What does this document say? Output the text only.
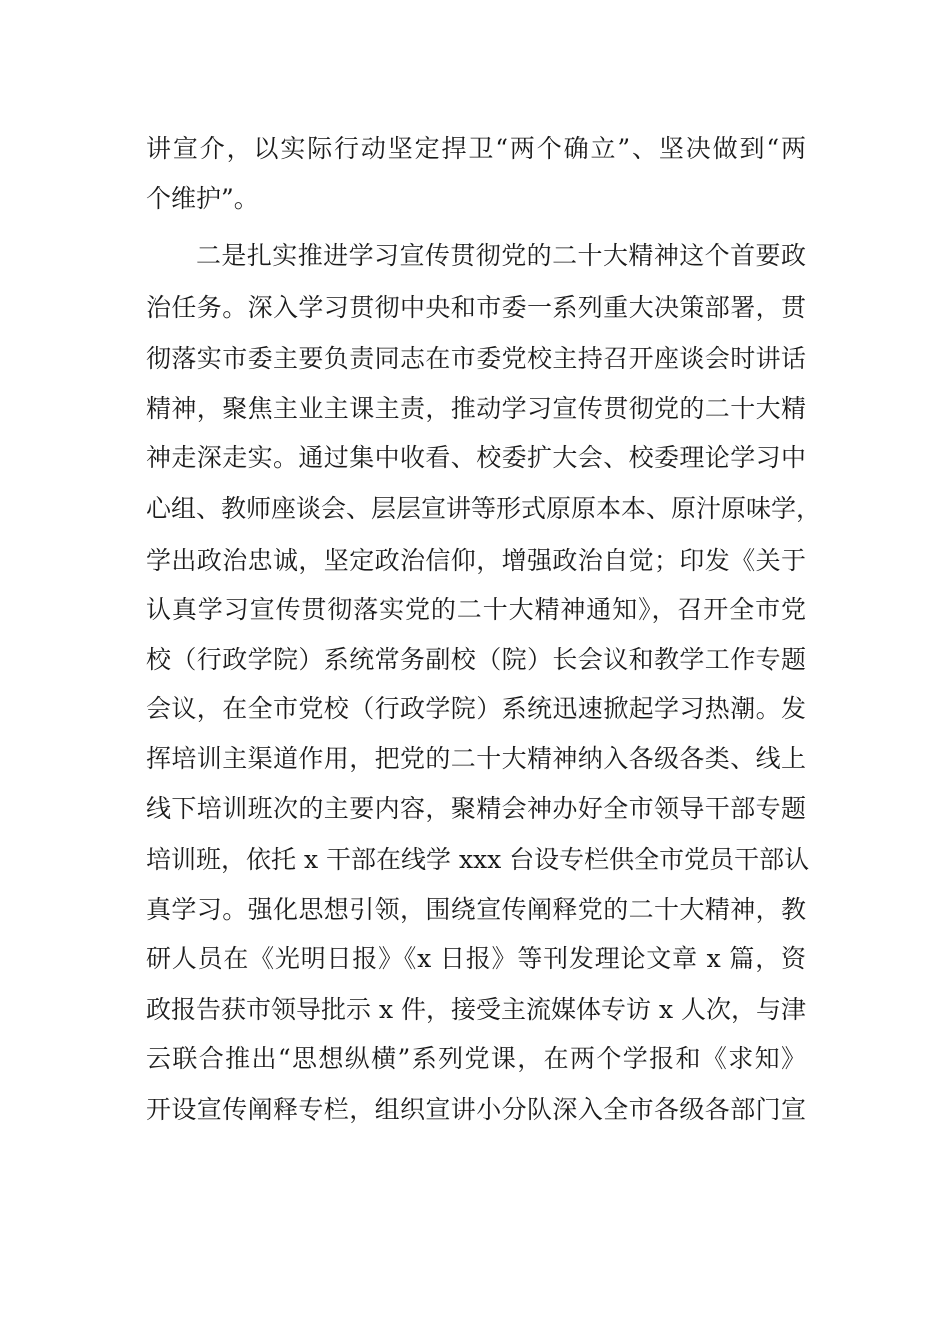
讲宣介，以实际行动坚定捍卫“两个确立”、坚决做到“两
个维护”。
二是扎实推进学习宣传贯彻党的二十大精神这个首要政
治任务。深入学习贯彻中央和市委一系列重大决策部署，贯
彻落实市委主要负责同志在市委党校主持召开座谈会时讲话
精神，聚焦主业主课主责，推动学习宣传贯彻党的二十大精
神走深走实。通过集中收看、校委扩大会、校委理论学习中
心组、教师座谈会、层层宣讲等形式原原本本、原汁原味学，
学出政治忠诚，坚定政治信仰，增强政治自觉；印发《关于
认真学习宣传贯彻落实党的二十大精神通知》，召开全市党
校（行政学院）系统常务副校（院）长会议和教学工作专题
会议，在全市党校（行政学院）系统迅速掀起学习热潮。发
挥培训主渠道作用，把党的二十大精神纳入各级各类、线上
线下培训班次的主要内容，聚精会神办好全市领导干部专题
培训班，依托 x 干部在线学 xxx 台设专栏供全市党员干部认
真学习。强化思想引领，围绕宣传阐释党的二十大精神，教
研人员在《光明日报》《x 日报》等刊发理论文章 x 篇，资
政报告获市领导批示 x 件，接受主流媒体专访 x 人次，与津
云联合推出“思想纵横”系列党课，在两个学报和《求知》
开设宣传阐释专栏，组织宣讲小分队深入全市各级各部门宣
